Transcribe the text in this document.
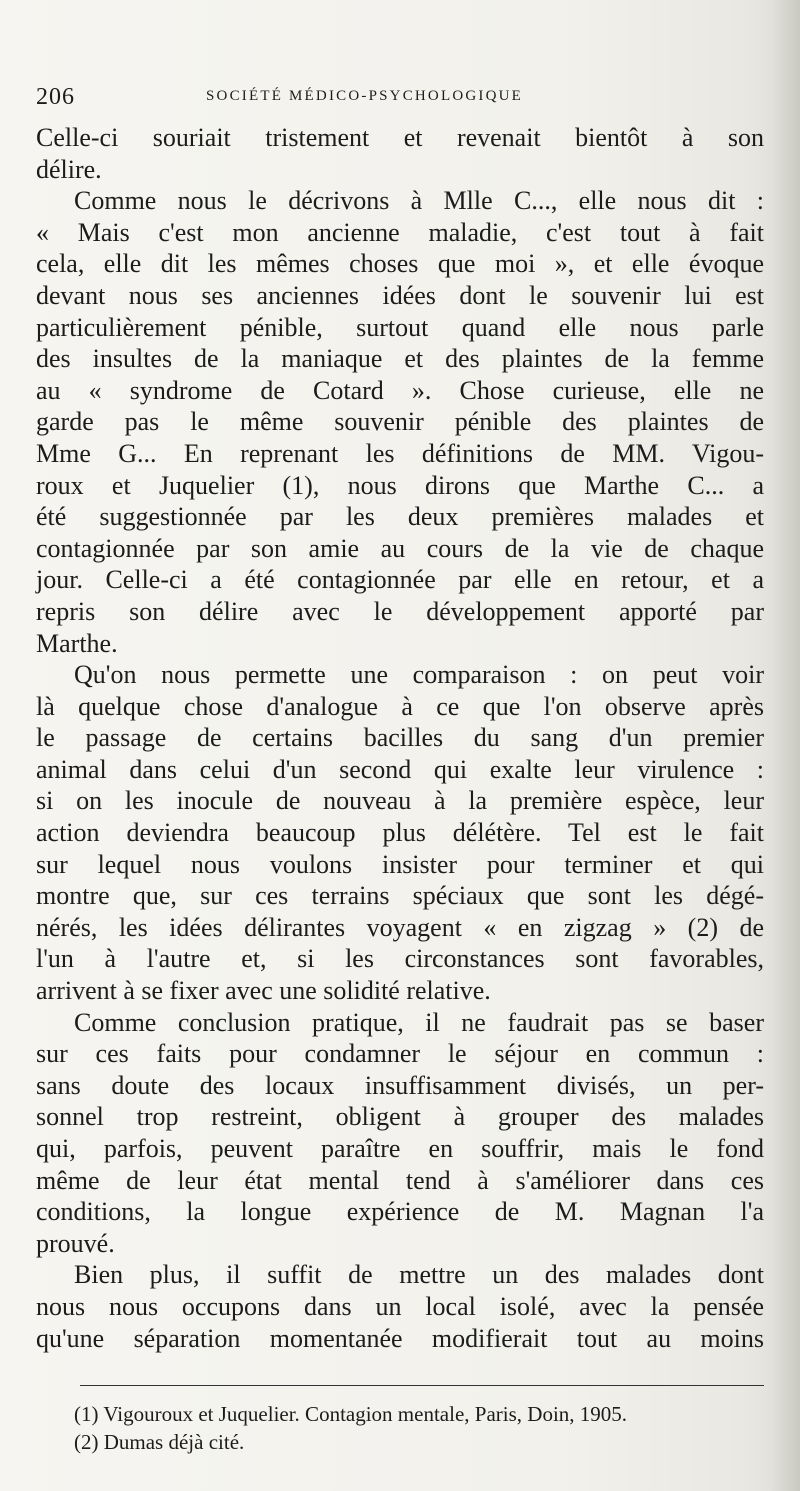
206	SOCIÉTÉ MÉDICO-PSYCHOLOGIQUE
Celle-ci souriait tristement et revenait bientôt à son
délire.
Comme nous le décrivons à Mlle C..., elle nous dit :
« Mais c'est mon ancienne maladie, c'est tout à fait
cela, elle dit les mêmes choses que moi », et elle évoque
devant nous ses anciennes idées dont le souvenir lui est
particulièrement pénible, surtout quand elle nous parle
des insultes de la maniaque et des plaintes de la femme
au « syndrome de Cotard ». Chose curieuse, elle ne
garde pas le même souvenir pénible des plaintes de
Mme G... En reprenant les définitions de MM. Vigou-
roux et Juquelier (1), nous dirons que Marthe C... a
été suggestionnée par les deux premières malades et
contagionnée par son amie au cours de la vie de chaque
jour. Celle-ci a été contagionnée par elle en retour, et a
repris son délire avec le développement apporté par
Marthe.
Qu'on nous permette une comparaison : on peut voir
là quelque chose d'analogue à ce que l'on observe après
le passage de certains bacilles du sang d'un premier
animal dans celui d'un second qui exalte leur virulence :
si on les inocule de nouveau à la première espèce, leur
action deviendra beaucoup plus délétère. Tel est le fait
sur lequel nous voulons insister pour terminer et qui
montre que, sur ces terrains spéciaux que sont les dégé-
nérés, les idées délirantes voyagent « en zigzag » (2) de
l'un à l'autre et, si les circonstances sont favorables,
arrivent à se fixer avec une solidité relative.
Comme conclusion pratique, il ne faudrait pas se baser
sur ces faits pour condamner le séjour en commun :
sans doute des locaux insuffisamment divisés, un per-
sonnel trop restreint, obligent à grouper des malades
qui, parfois, peuvent paraître en souffrir, mais le fond
même de leur état mental tend à s'améliorer dans ces
conditions, la longue expérience de M. Magnan l'a
prouvé.
Bien plus, il suffit de mettre un des malades dont
nous nous occupons dans un local isolé, avec la pensée
qu'une séparation momentanée modifierait tout au moins
(1) Vigouroux et Juquelier. Contagion mentale, Paris, Doin, 1905.
(2) Dumas déjà cité.
